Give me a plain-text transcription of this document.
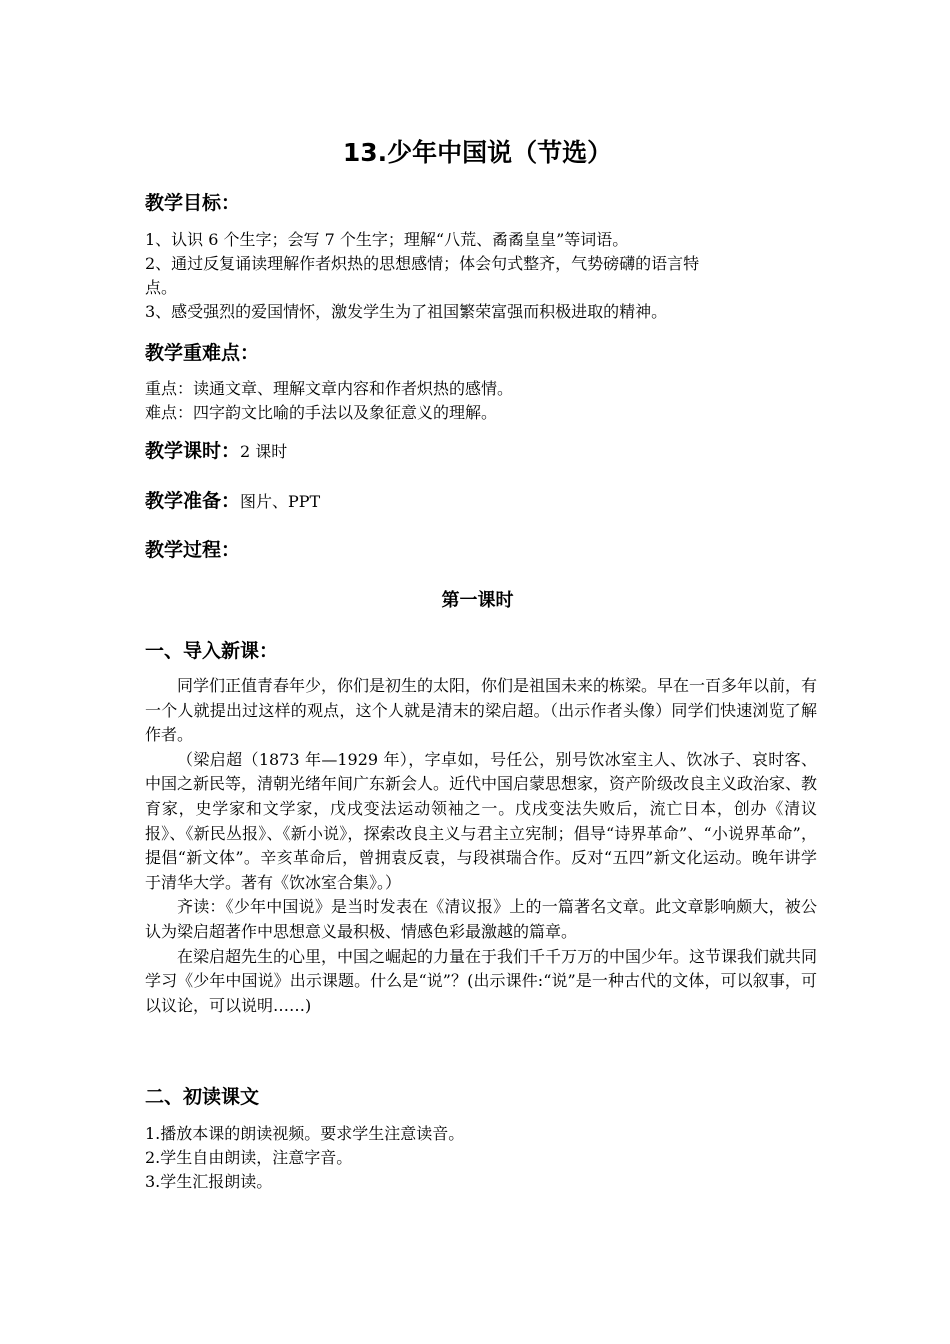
13.少年中国说（节选）
教学目标：

1、认识 6 个生字；会写 7 个生字；理解“八荒、矞矞皇皇”等词语。

2、通过反复诵读理解作者炽热的思想感情；体会句式整齐，气势磅礴的语言特

点。

3、感受强烈的爱国情怀，激发学生为了祖国繁荣富强而积极进取的精神。

教学重难点：

重点：读通文章、理解文章内容和作者炽热的感情。

难点：四字韵文比喻的手法以及象征意义的理解。

教学课时：2 课时
教学准备：图片、PPT
教学过程：
第一课时
一、导入新课：

同学们正值青春年少，你们是初生的太阳，你们是祖国未来的栋梁。早在一百多年以前，有一个人就提出过这样的观点，这个人就是清末的梁启超。（出示作者头像）同学们快速浏览了解作者。

（梁启超（1873 年—1929 年），字卓如，号任公，别号饮冰室主人、饮冰子、哀时客、中国之新民等，清朝光绪年间广东新会人。近代中国启蒙思想家，资产阶级改良主义政治家、教育家，史学家和文学家，戊戌变法运动领袖之一。戊戌变法失败后，流亡日本，创办《清议报》、《新民丛报》、《新小说》，探索改良主义与君主立宪制；倡导“诗界革命”、“小说界革命”，提倡“新文体”。辛亥革命后，曾拥袁反袁，与段祺瑞合作。反对“五四”新文化运动。晚年讲学于清华大学。著有《饮冰室合集》。）

齐读：《少年中国说》是当时发表在《清议报》上的一篇著名文章。此文章影响颇大，被公认为梁启超著作中思想意义最积极、情感色彩最激越的篇章。

在梁启超先生的心里，中国之崛起的力量在于我们千千万万的中国少年。这节课我们就共同学习《少年中国说》出示课题。什么是“说”？(出示课件:“说”是一种古代的文体，可以叙事，可以议论，可以说明……)

二、初读课文

1.播放本课的朗读视频。要求学生注意读音。

2.学生自由朗读，注意字音。

3.学生汇报朗读。
